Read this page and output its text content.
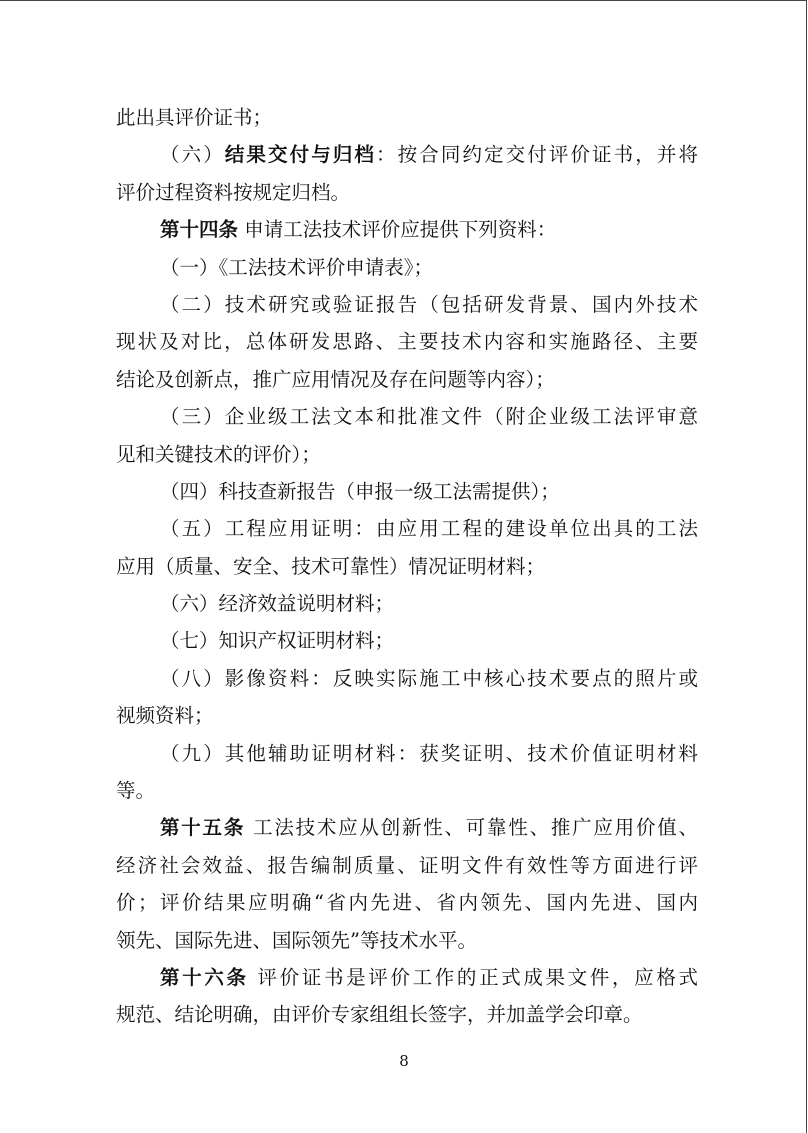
此出具评价证书；
（六）结果交付与归档：按合同约定交付评价证书，并将
评价过程资料按规定归档。
第十四条 申请工法技术评价应提供下列资料：
（一）《工法技术评价申请表》；
（二）技术研究或验证报告（包括研发背景、国内外技术
现状及对比，总体研发思路、主要技术内容和实施路径、主要
结论及创新点，推广应用情况及存在问题等内容）；
（三）企业级工法文本和批准文件（附企业级工法评审意
见和关键技术的评价）；
（四）科技查新报告（申报一级工法需提供）；
（五）工程应用证明：由应用工程的建设单位出具的工法
应用（质量、安全、技术可靠性）情况证明材料；
（六）经济效益说明材料；
（七）知识产权证明材料；
（八）影像资料：反映实际施工中核心技术要点的照片或
视频资料；
（九）其他辅助证明材料：获奖证明、技术价值证明材料
等。
第十五条 工法技术应从创新性、可靠性、推广应用价值、
经济社会效益、报告编制质量、证明文件有效性等方面进行评
价；评价结果应明确“省内先进、省内领先、国内先进、国内
领先、国际先进、国际领先”等技术水平。
第十六条 评价证书是评价工作的正式成果文件，应格式
规范、结论明确，由评价专家组组长签字，并加盖学会印章。
8
